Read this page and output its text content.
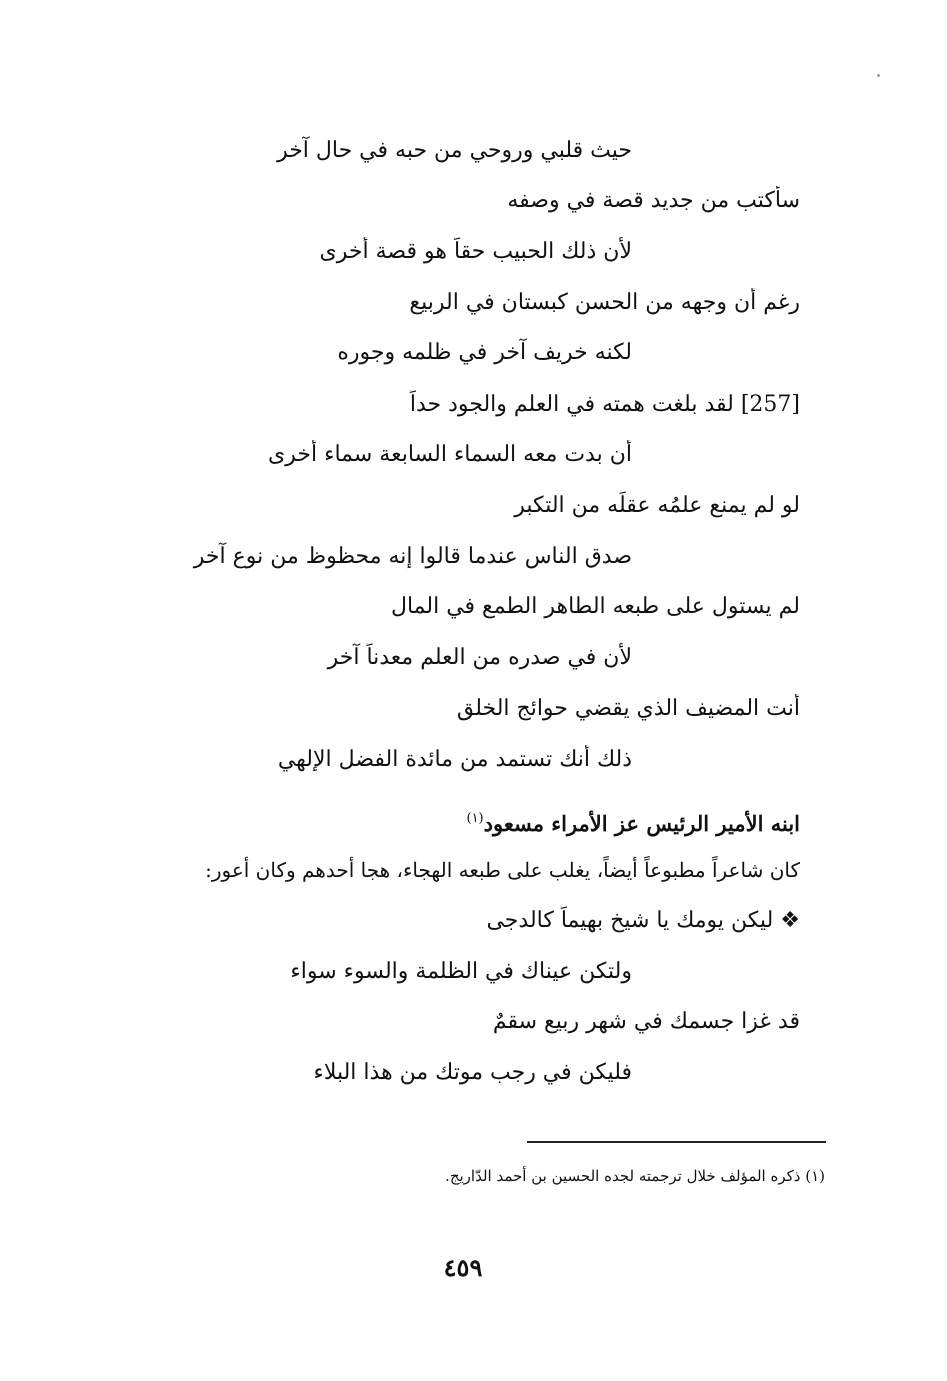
حيث قلبي وروحي من حبه في حال آخر
سأكتب من جديد قصة في وصفه
لأن ذلك الحبيب حقاً هو قصة أخرى
رغم أن وجهه من الحسن كبستان في الربيع
لكنه خريف آخر في ظلمه وجوره
[257] لقد بلغت همته في العلم والجود حداً
أن بدت معه السماء السابعة سماء أخرى
لو لم يمنع علمُه عقلَه من التكبر
صدق الناس عندما قالوا إنه محظوظ من نوع آخر
لم يستول على طبعه الطاهر الطمع في المال
لأن في صدره من العلم معدناً آخر
أنت المضيف الذي يقضي حوائج الخلق
ذلك أنك تستمد من مائدة الفضل الإلهي
ابنه الأمير الرئيس عز الأمراء مسعود$^{(١)}$
كان شاعراً مطبوعاً أيضاً، يغلب على طبعه الهجاء، هجا أحدهم وكان أعور:
❖ ليكن يومك يا شيخ بهيماً كالدجى
ولتكن عيناك في الظلمة والسوء سواء
قد غزا جسمك في شهر ربيع سقمٌ
فليكن في رجب موتك من هذا البلاء
(١) ذكره المؤلف خلال ترجمته لجده الحسين بن أحمد الدّاريج.
٤٥٩
